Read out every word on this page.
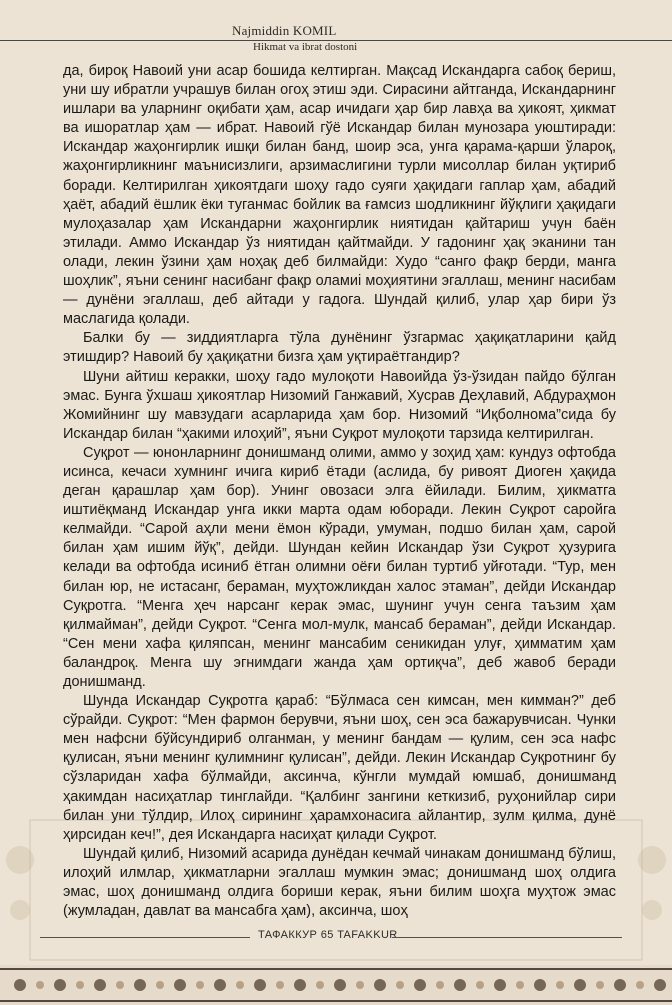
Najmiddin KOMIL
Hikmat va ibrat dostoni

да, бироқ Навоий уни асар бошида келтирган. Мақсад Искандарга сабоқ бериш, уни шу ибратли учрашув билан огоҳ этиш эди. Сирасини айтганда, Искандарнинг ишлари ва уларнинг оқибати ҳам, асар ичидаги ҳар бир лавҳа ва ҳикоят, ҳикмат ва ишоратлар ҳам — ибрат. Навоий гўё Искандар билан мунозара уюштиради: Искандар жаҳонгирлик ишқи билан банд, шоир эса, унга қарама-қарши ўлароқ, жаҳонгирликнинг маънисизлиги, арзимаслигини турли мисоллар билан уқтириб боради. Келтирилган ҳикоятдаги шоҳу гадо суяги ҳақидаги гаплар ҳам, абадий ҳаёт, абадий ёшлик ёки туганмас бойлик ва ғамсиз шодликнинг йўқлиги ҳақидаги мулоҳазалар ҳам Искандарни жаҳонгирлик ниятидан қайтариш учун баён этилади. Аммо Искандар ўз ниятидан қайтмайди. У гадонинг ҳақ эканини тан олади, лекин ўзини ҳам ноҳақ деб билмайди: Худо “санго фақр берди, манга шоҳлик”, яъни сенинг насибанг фақр оламиi моҳиятини эгаллаш, менинг насибам — дунёни эгаллаш, деб айтади у гадога. Шундай қилиб, улар ҳар бири ўз маслагида қолади.

Балки бу — зиддиятларга тўла дунёнинг ўзгармас ҳақиқатларини қайд этишдир? Навоий бу ҳақиқатни бизга ҳам уқтираётгандир?

Шуни айтиш керакки, шоҳу гадо мулоқоти Навоийда ўз-ўзидан пайдо бўлган эмас. Бунга ўхшаш ҳикоятлар Низомий Ганжавий, Хусрав Деҳлавий, Абдураҳмон Жомийнинг шу мавзудаги асарларида ҳам бор. Низомий “Иқболнома”сида бу Искандар билан “ҳакими илоҳий”, яъни Суқрот мулоқоти тарзида келтирилган.

Суқрот — юнонларнинг донишманд олими, аммо у зоҳид ҳам: кундуз офтобда исинса, кечаси хумнинг ичига кириб ётади (аслида, бу ривоят Диоген ҳақида деган қарашлар ҳам бор). Унинг овозаси элга ёйилади. Билим, ҳикматга иштиёқманд Искандар унга икки марта одам юборади. Лекин Суқрот саройга келмайди. “Сарой аҳли мени ёмон кўради, умуман, подшо билан ҳам, сарой билан ҳам ишим йўқ”, дейди. Шундан кейин Искандар ўзи Суқрот ҳузурига келади ва офтобда исиниб ётган олимни оёғи билан туртиб уйғотади. “Тур, мен билан юр, не истасанг, бераман, муҳтожликдан халос этаман”, дейди Искандар Суқротга. “Менга ҳеч нарсанг керак эмас, шунинг учун сенга таъзим ҳам қилмайман”, дейди Суқрот. “Сенга мол-мулк, мансаб бераман”, дейди Искандар. “Сен мени хафа қиляпсан, менинг мансабим сеникидан улуғ, ҳимматим ҳам баландроқ. Менга шу эгнимдаги жанда ҳам ортиқча”, деб жавоб беради донишманд.

Шунда Искандар Суқротга қараб: “Бўлмаса сен кимсан, мен кимман?” деб сўрайди. Суқрот: “Мен фармон берувчи, яъни шоҳ, сен эса бажарувчисан. Чунки мен нафсни бўйсундириб олганман, у менинг бандам — қулим, сен эса нафс қулисан, яъни менинг қулимнинг қулисан”, дейди. Лекин Искандар Суқротнинг бу сўзларидан хафа бўлмайди, аксинча, кўнгли мумдай юмшаб, донишманд ҳакимдан насиҳатлар тинглайди. “Қалбинг зангини кеткизиб, руҳонийлар сири билан уни тўлдир, Илоҳ сирининг ҳарамхонасига айлантир, зулм қилма, дунё ҳирсидан кеч!”, дея Искандарга насиҳат қилади Суқрот.

Шундай қилиб, Низомий асарида дунёдан кечмай чинакам донишманд бўлиш, илоҳий илмлар, ҳикматларни эгаллаш мумкин эмас; донишманд шоҳ олдига эмас, шоҳ донишманд олдига бориши керак, яъни билим шоҳга муҳтож эмас (жумладан, давлат ва мансабга ҳам), аксинча, шоҳ

ТАФАККУР 65 TAFAKKUR
